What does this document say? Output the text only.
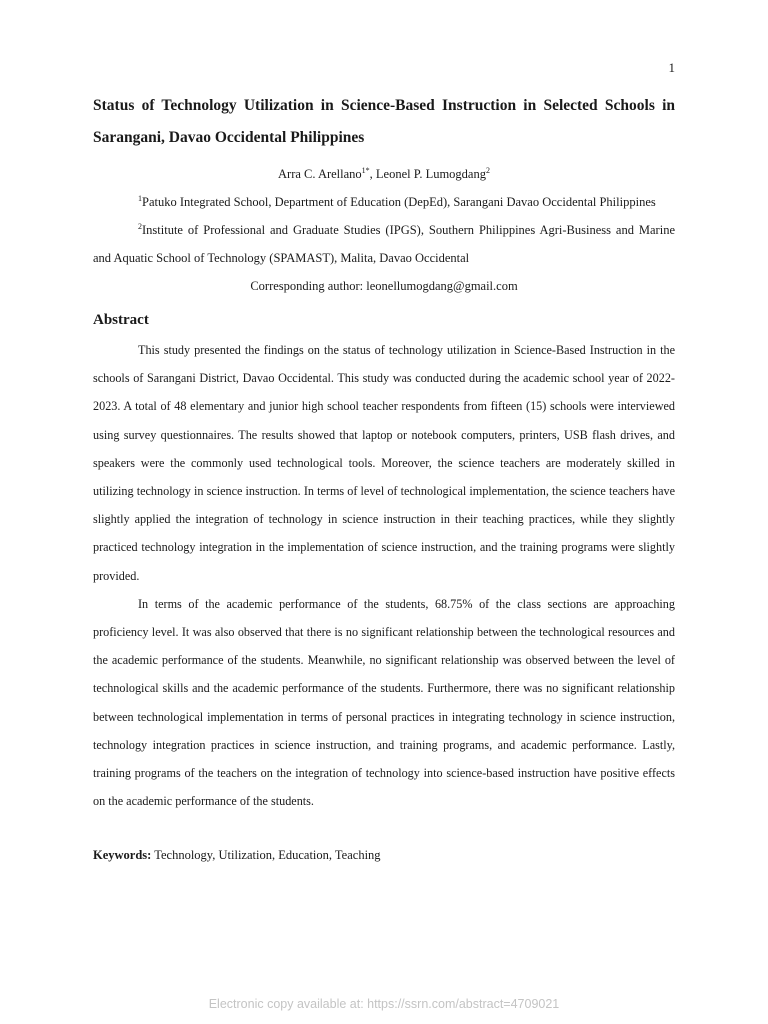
1
Status of Technology Utilization in Science-Based Instruction in Selected Schools in Sarangani, Davao Occidental Philippines

Arra C. Arellano$^{1*}$, Leonel P. Lumogdang$^2$

$^1$Patuko Integrated School, Department of Education (DepEd), Sarangani Davao Occidental Philippines

$^2$Institute of Professional and Graduate Studies (IPGS), Southern Philippines Agri-Business and Marine and Aquatic School of Technology (SPAMAST), Malita, Davao Occidental

Corresponding author: leonellumogdang@gmail.com

Abstract

This study presented the findings on the status of technology utilization in Science-Based Instruction in the schools of Sarangani District, Davao Occidental. This study was conducted during the academic school year of 2022-2023. A total of 48 elementary and junior high school teacher respondents from fifteen (15) schools were interviewed using survey questionnaires. The results showed that laptop or notebook computers, printers, USB flash drives, and speakers were the commonly used technological tools. Moreover, the science teachers are moderately skilled in utilizing technology in science instruction. In terms of level of technological implementation, the science teachers have slightly applied the integration of technology in science instruction in their teaching practices, while they slightly practiced technology integration in the implementation of science instruction, and the training programs were slightly provided.

In terms of the academic performance of the students, 68.75% of the class sections are approaching proficiency level. It was also observed that there is no significant relationship between the technological resources and the academic performance of the students. Meanwhile, no significant relationship was observed between the level of technological skills and the academic performance of the students. Furthermore, there was no significant relationship between technological implementation in terms of personal practices in integrating technology in science instruction, technology integration practices in science instruction, and training programs, and academic performance. Lastly, training programs of the teachers on the integration of technology into science-based instruction have positive effects on the academic performance of the students.

Keywords: Technology, Utilization, Education, Teaching
Electronic copy available at: https://ssrn.com/abstract=4709021
